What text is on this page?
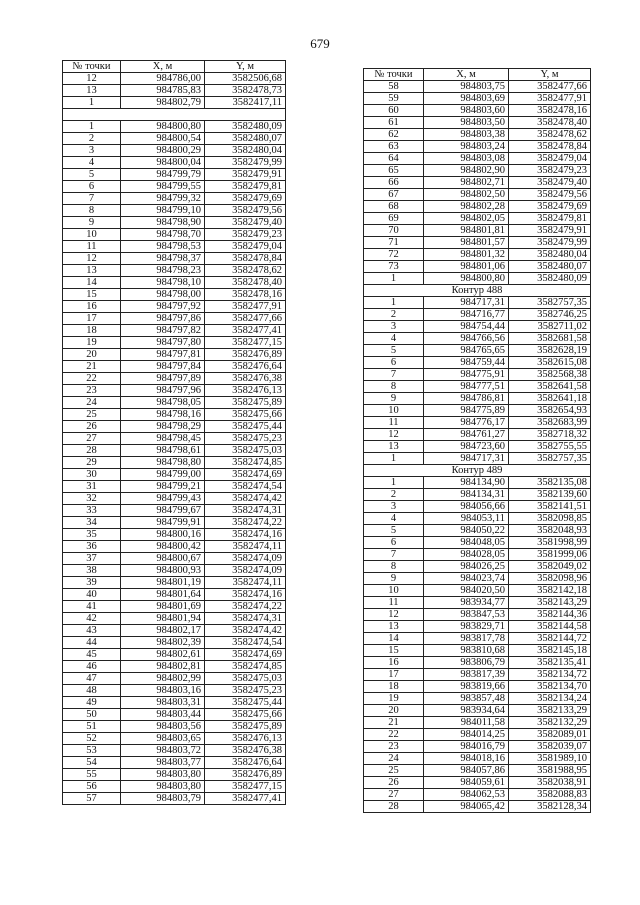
679
№ точки	X, м	Y, м
12	984786,00	3582506,68
13	984785,83	3582478,73
1	984802,79	3582417,11

1	984800,80	3582480,09
2	984800,54	3582480,07
3	984800,29	3582480,04
4	984800,04	3582479,99
5	984799,79	3582479,91
6	984799,55	3582479,81
7	984799,32	3582479,69
8	984799,10	3582479,56
9	984798,90	3582479,40
10	984798,70	3582479,23
11	984798,53	3582479,04
12	984798,37	3582478,84
13	984798,23	3582478,62
14	984798,10	3582478,40
15	984798,00	3582478,16
16	984797,92	3582477,91
17	984797,86	3582477,66
18	984797,82	3582477,41
19	984797,80	3582477,15
20	984797,81	3582476,89
21	984797,84	3582476,64
22	984797,89	3582476,38
23	984797,96	3582476,13
24	984798,05	3582475,89
25	984798,16	3582475,66
26	984798,29	3582475,44
27	984798,45	3582475,23
28	984798,61	3582475,03
29	984798,80	3582474,85
30	984799,00	3582474,69
31	984799,21	3582474,54
32	984799,43	3582474,42
33	984799,67	3582474,31
34	984799,91	3582474,22
35	984800,16	3582474,16
36	984800,42	3582474,11
37	984800,67	3582474,09
38	984800,93	3582474,09
39	984801,19	3582474,11
40	984801,64	3582474,16
41	984801,69	3582474,22
42	984801,94	3582474,31
43	984802,17	3582474,42
44	984802,39	3582474,54
45	984802,61	3582474,69
46	984802,81	3582474,85
47	984802,99	3582475,03
48	984803,16	3582475,23
49	984803,31	3582475,44
50	984803,44	3582475,66
51	984803,56	3582475,89
52	984803,65	3582476,13
53	984803,72	3582476,38
54	984803,77	3582476,64
55	984803,80	3582476,89
56	984803,80	3582477,15
57	984803,79	3582477,41
№ точки	X, м	Y, м
58	984803,75	3582477,66
59	984803,69	3582477,91
60	984803,60	3582478,16
61	984803,50	3582478,40
62	984803,38	3582478,62
63	984803,24	3582478,84
64	984803,08	3582479,04
65	984802,90	3582479,23
66	984802,71	3582479,40
67	984802,50	3582479,56
68	984802,28	3582479,69
69	984802,05	3582479,81
70	984801,81	3582479,91
71	984801,57	3582479,99
72	984801,32	3582480,04
73	984801,06	3582480,07
1	984800,80	3582480,09
Контур 488		
1	984717,31	3582757,35
2	984716,77	3582746,25
3	984754,44	3582711,02
4	984766,56	3582681,58
5	984765,65	3582628,19
6	984759,44	3582615,08
7	984775,91	3582568,38
8	984777,51	3582641,58
9	984786,81	3582641,18
10	984775,89	3582654,93
11	984776,17	3582683,99
12	984761,27	3582718,32
13	984723,60	3582755,55
1	984717,31	3582757,35
Контур 489		
1	984134,90	3582135,08
2	984134,31	3582139,60
3	984056,66	3582141,51
4	984053,11	3582098,85
5	984050,22	3582048,93
6	984048,05	3581998,99
7	984028,05	3581999,06
8	984026,25	3582049,02
9	984023,74	3582098,96
10	984020,50	3582142,18
11	983934,77	3582143,29
12	983847,53	3582144,36
13	983829,71	3582144,58
14	983817,78	3582144,72
15	983810,68	3582145,18
16	983806,79	3582135,41
17	983817,39	3582134,72
18	983819,66	3582134,70
19	983857,48	3582134,24
20	983934,64	3582133,29
21	984011,58	3582132,29
22	984014,25	3582089,01
23	984016,79	3582039,07
24	984018,16	3581989,10
25	984057,86	3581988,95
26	984059,61	3582038,91
27	984062,53	3582088,83
28	984065,42	3582128,34
